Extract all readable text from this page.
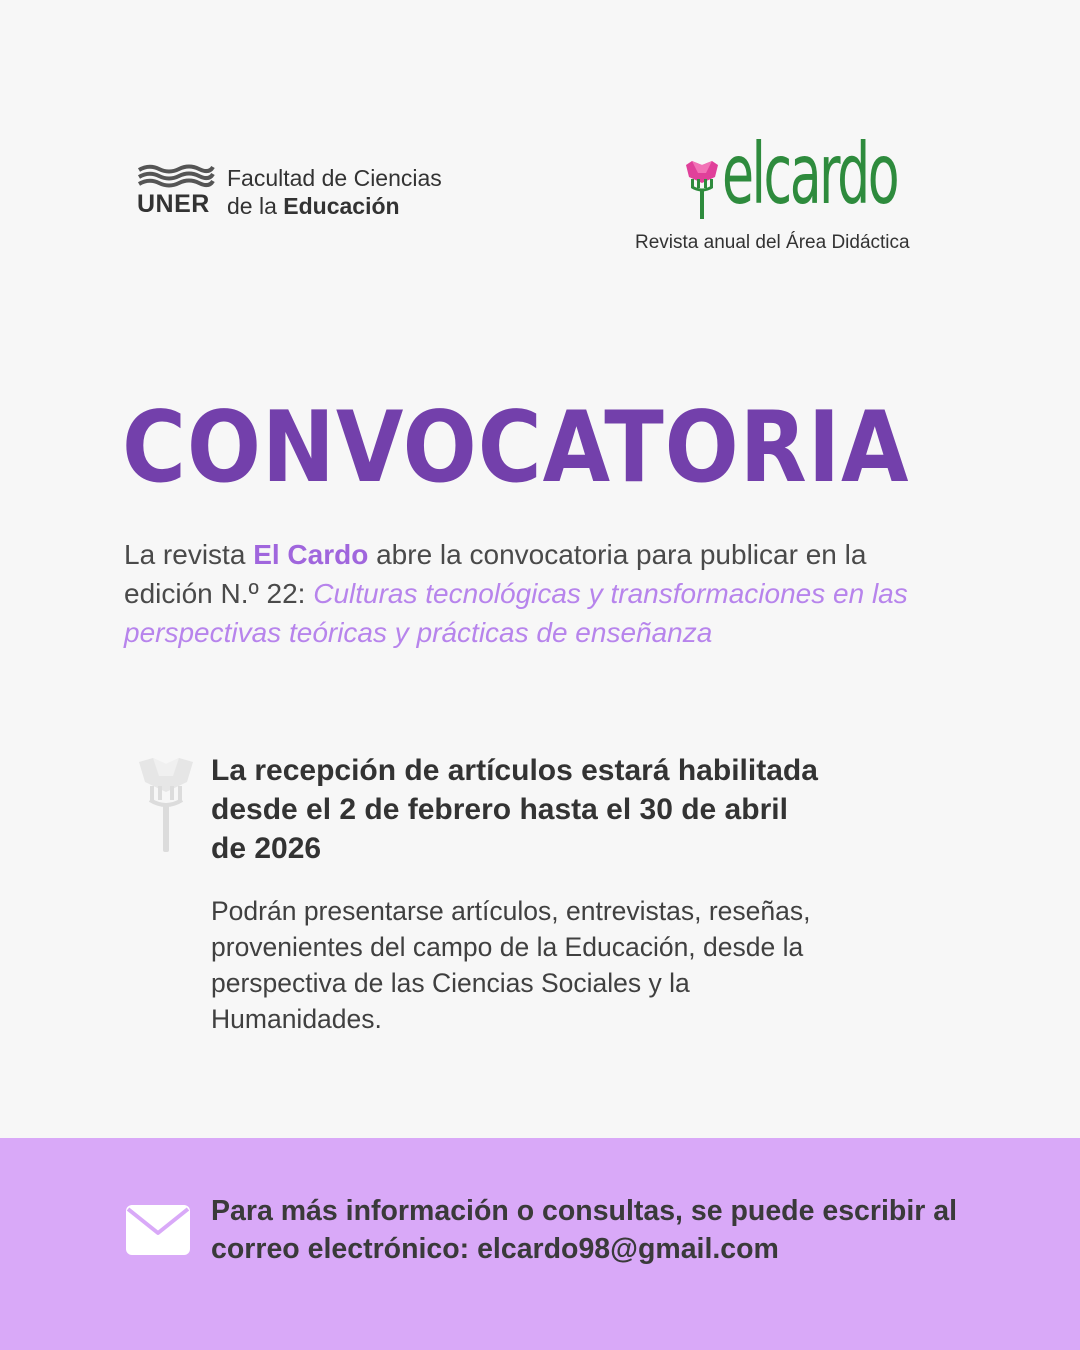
UNER
Facultad de Ciencias
de la Educación	elcardo
Revista anual del Área Didáctica
CONVOCATORIA

La revista El Cardo abre la convocatoria para publicar en la edición N.º 22: Culturas tecnológicas y transformaciones en las perspectivas teóricas y prácticas de enseñanza

La recepción de artículos estará habilitada desde el 2 de febrero hasta el 30 de abril de 2026
Podrán presentarse artículos, entrevistas, reseñas, provenientes del campo de la Educación, desde la perspectiva de las Ciencias Sociales y la Humanidades.
Para más información o consultas, se puede escribir al correo electrónico: elcardo98@gmail.com
